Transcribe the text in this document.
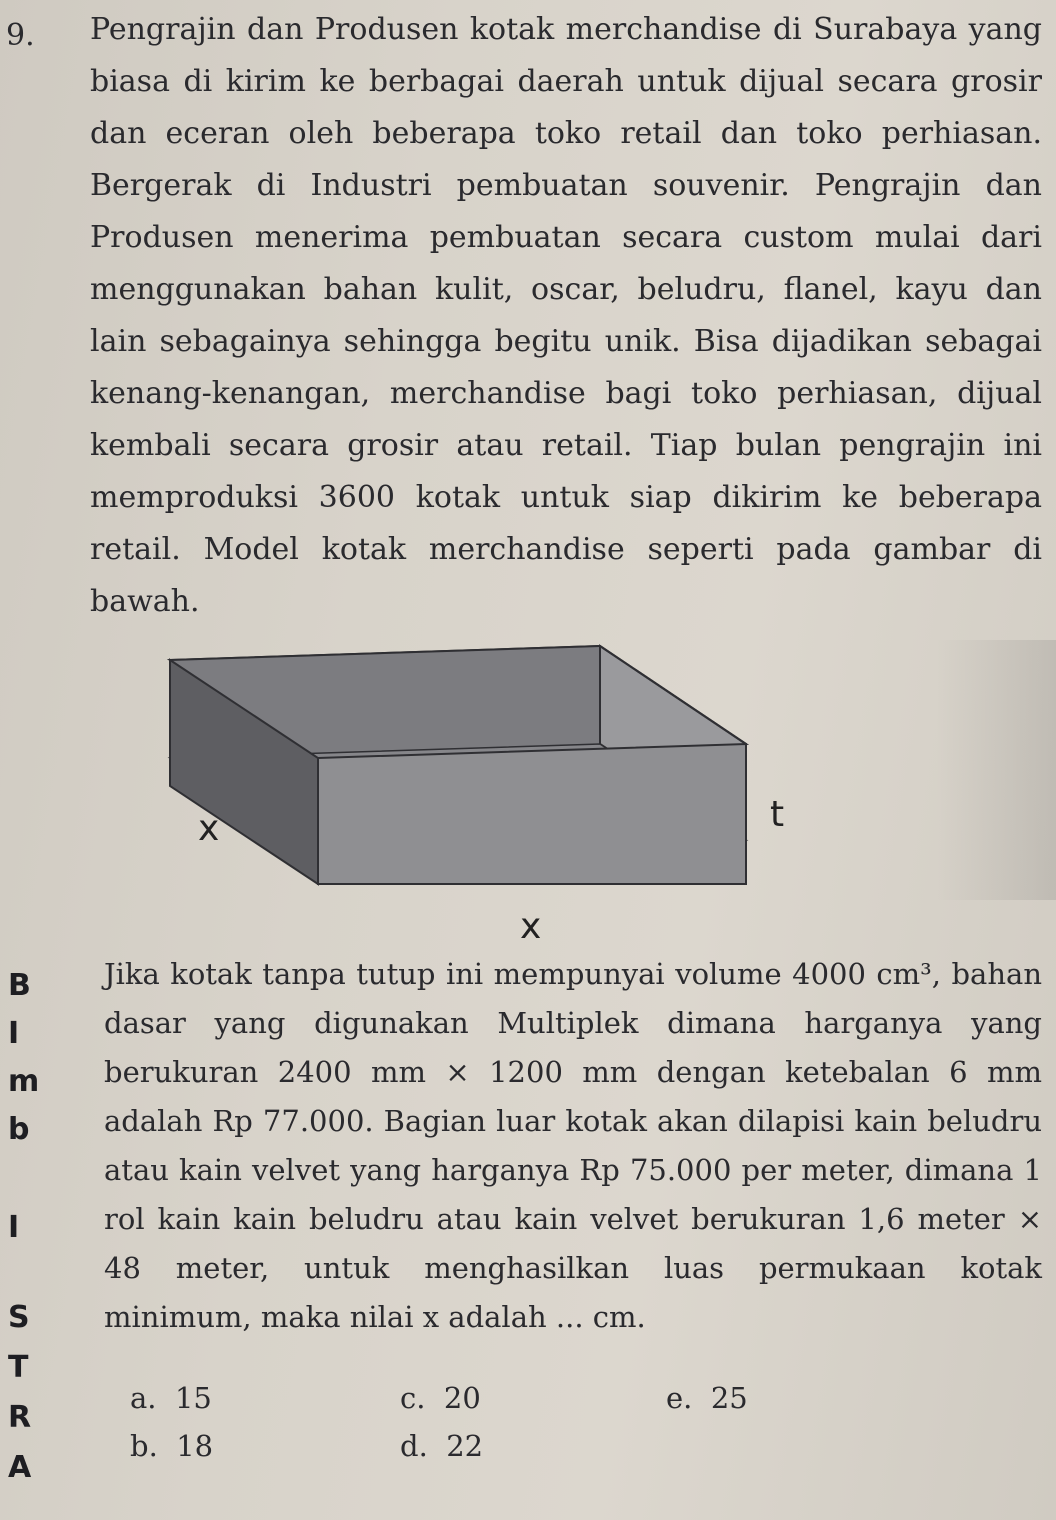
B
I
m
b
I
S
T
R
A
9. Pengrajin dan Produsen kotak merchandise di Surabaya yang biasa di kirim ke berbagai daerah untuk dijual secara grosir dan eceran oleh beberapa toko retail dan toko perhiasan. Bergerak di Industri pembuatan souvenir. Pengrajin dan Produsen menerima pembuatan secara custom mulai dari menggunakan bahan kulit, oscar, beludru, flanel, kayu dan lain sebagainya sehingga begitu unik. Bisa dijadikan sebagai kenang-kenangan, merchandise bagi toko perhiasan, dijual kembali secara grosir atau retail. Tiap bulan pengrajin ini memproduksi 3600 kotak untuk siap dikirim ke beberapa retail. Model kotak merchandise seperti pada gambar di bawah.

t
x
x

Jika kotak tanpa tutup ini mempunyai volume 4000 cm³, bahan dasar yang digunakan Multiplek dimana harganya yang berukuran 2400 mm × 1200 mm dengan ketebalan 6 mm adalah Rp 77.000. Bagian luar kotak akan dilapisi kain beludru atau kain velvet yang harganya Rp 75.000 per meter, dimana 1 rol kain kain beludru atau kain velvet berukuran 1,6 meter × 48 meter, untuk menghasilkan luas permukaan kotak minimum, maka nilai x adalah ... cm.

a. 15
b. 18
c. 20
d. 22
e. 25
